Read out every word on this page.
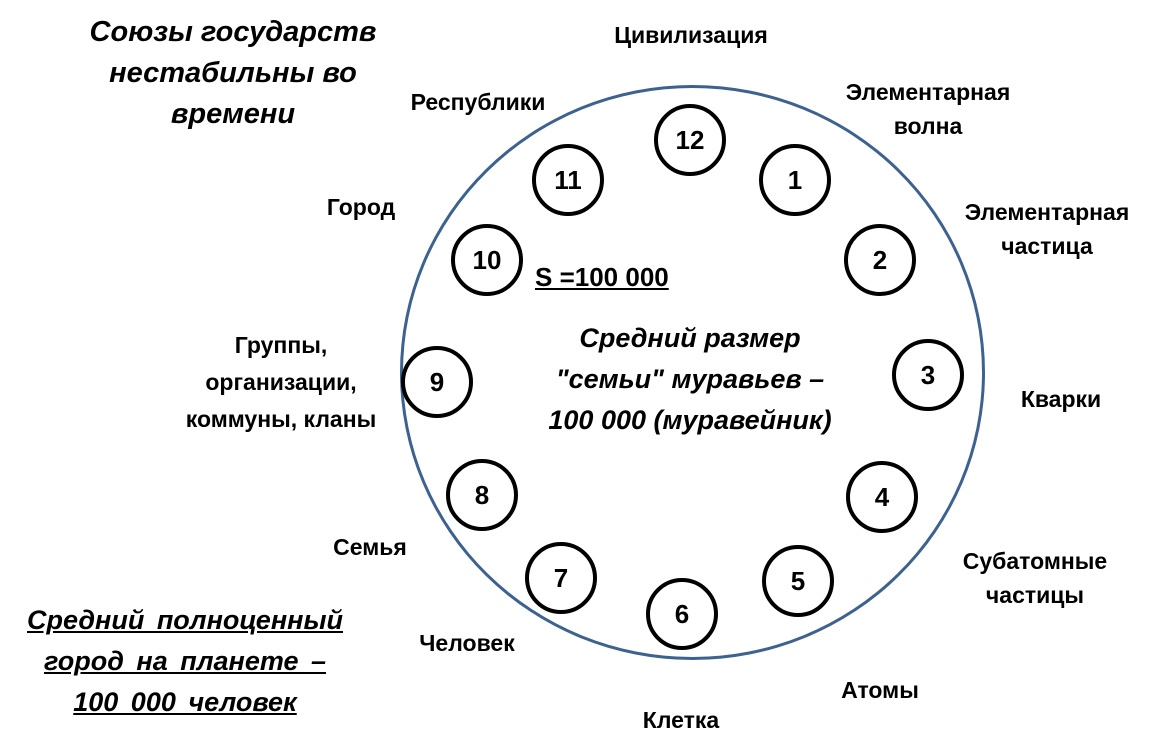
Союзы государств
нестабильны во
времени
S =100 000
Средний размер
"семьи" муравьев –
100 000 (муравейник)
1
Элементарная
волна
2
Элементарная
частица
3
Кварки
4
Субатомные
частицы
5
Атомы
6
Клетка
7
Человек
8
Семья
9
Группы,
организации,
коммуны, кланы
10
Город
11
Республики
12
Цивилизация
Средний полноценный
город на планете –
100 000 человек
